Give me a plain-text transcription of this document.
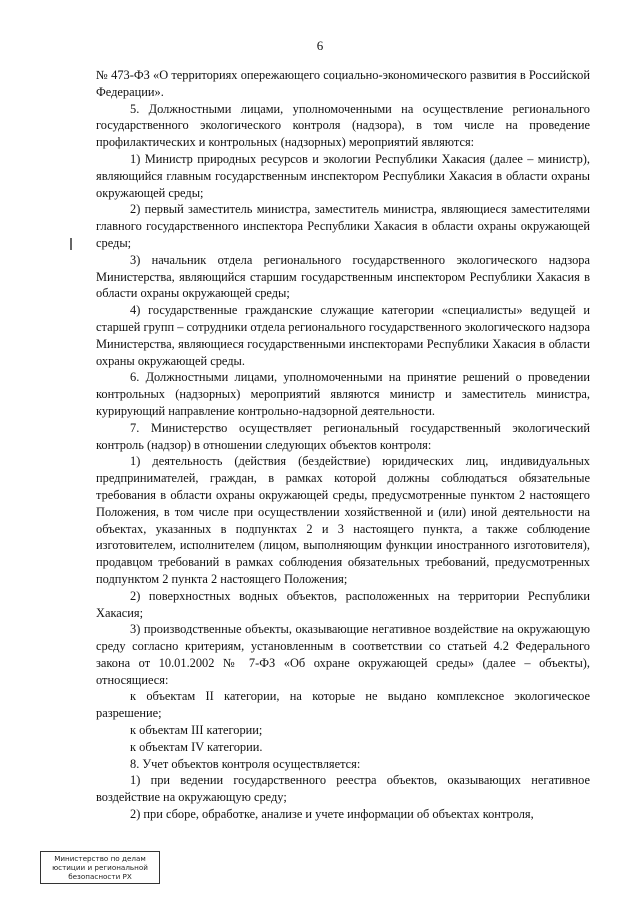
6

№ 473-ФЗ «О территориях опережающего социально-экономического развития в Российской Федерации».

5. Должностными лицами, уполномоченными на осуществление регионального государственного экологического контроля (надзора), в том числе на проведение профилактических и контрольных (надзорных) мероприятий являются:

1) Министр природных ресурсов и экологии Республики Хакасия (далее – министр), являющийся главным государственным инспектором Республики Хакасия в области охраны окружающей среды;

2) первый заместитель министра, заместитель министра, являющиеся заместителями главного государственного инспектора Республики Хакасия в области охраны окружающей среды;

3) начальник отдела регионального государственного экологического надзора Министерства, являющийся старшим государственным инспектором Республики Хакасия в области охраны окружающей среды;

4) государственные гражданские служащие категории «специалисты» ведущей и старшей групп – сотрудники отдела регионального государственного экологического надзора Министерства, являющиеся государственными инспекторами Республики Хакасия в области охраны окружающей среды.

6. Должностными лицами, уполномоченными на принятие решений о проведении контрольных (надзорных) мероприятий являются министр и заместитель министра, курирующий направление контрольно-надзорной деятельности.

7. Министерство осуществляет региональный государственный экологический контроль (надзор) в отношении следующих объектов контроля:

1) деятельность (действия (бездействие) юридических лиц, индивидуальных предпринимателей, граждан, в рамках которой должны соблюдаться обязательные требования в области охраны окружающей среды, предусмотренные пунктом 2 настоящего Положения, в том числе при осуществлении хозяйственной и (или) иной деятельности на объектах, указанных в подпунктах 2 и 3 настоящего пункта, а также соблюдение изготовителем, исполнителем (лицом, выполняющим функции иностранного изготовителя), продавцом требований в рамках соблюдения обязательных требований, предусмотренных подпунктом 2 пункта 2 настоящего Положения;

2) поверхностных водных объектов, расположенных на территории Республики Хакасия;

3) производственные объекты, оказывающие негативное воздействие на окружающую среду согласно критериям, установленным в соответствии со статьей 4.2 Федерального закона от 10.01.2002 № 7-ФЗ «Об охране окружающей среды» (далее – объекты), относящиеся:

к объектам II категории, на которые не выдано комплексное экологическое разрешение;

к объектам III категории;

к объектам IV категории.

8. Учет объектов контроля осуществляется:

1) при ведении государственного реестра объектов, оказывающих негативное воздействие на окружающую среду;

2) при сборе, обработке, анализе и учете информации об объектах контроля,

Министерство по делам
юстиции и региональной
безопасности РХ
